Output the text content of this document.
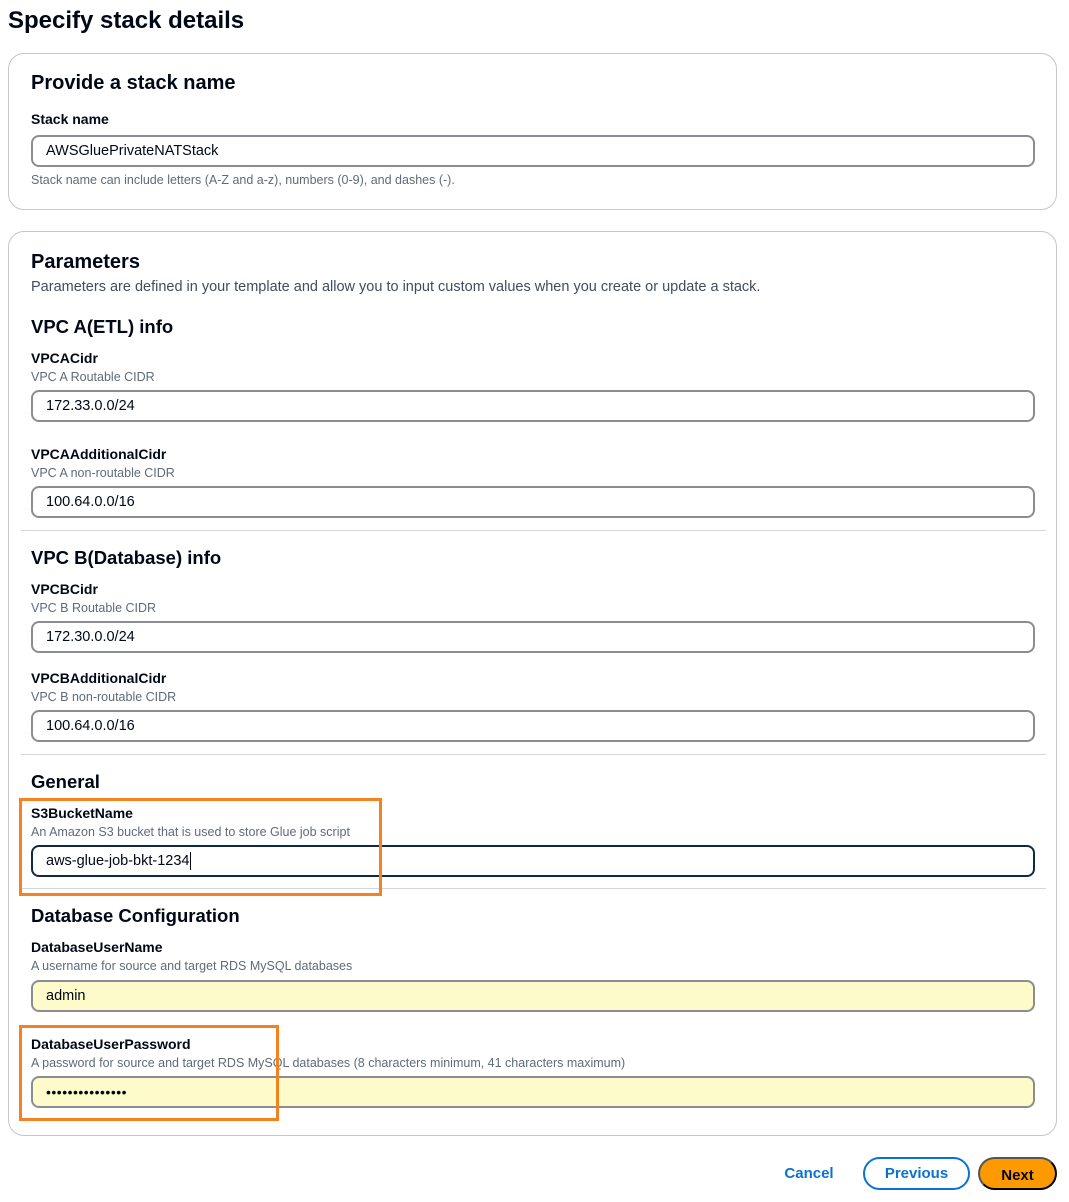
Specify stack details
Provide a stack name
Stack name
AWSGluePrivateNATStack
Stack name can include letters (A-Z and a-z), numbers (0-9), and dashes (-).
Parameters
Parameters are defined in your template and allow you to input custom values when you create or update a stack.
VPC A(ETL) info
VPCACidr
VPC A Routable CIDR
172.33.0.0/24
VPCAAdditionalCidr
VPC A non-routable CIDR
100.64.0.0/16
VPC B(Database) info
VPCBCidr
VPC B Routable CIDR
172.30.0.0/24
VPCBAdditionalCidr
VPC B non-routable CIDR
100.64.0.0/16
General
S3BucketName
An Amazon S3 bucket that is used to store Glue job script
aws-glue-job-bkt-1234
Database Configuration
DatabaseUserName
A username for source and target RDS MySQL databases
admin
DatabaseUserPassword
A password for source and target RDS MySQL databases (8 characters minimum, 41 characters maximum)
•••••••••••••••
Cancel	Previous	Next
